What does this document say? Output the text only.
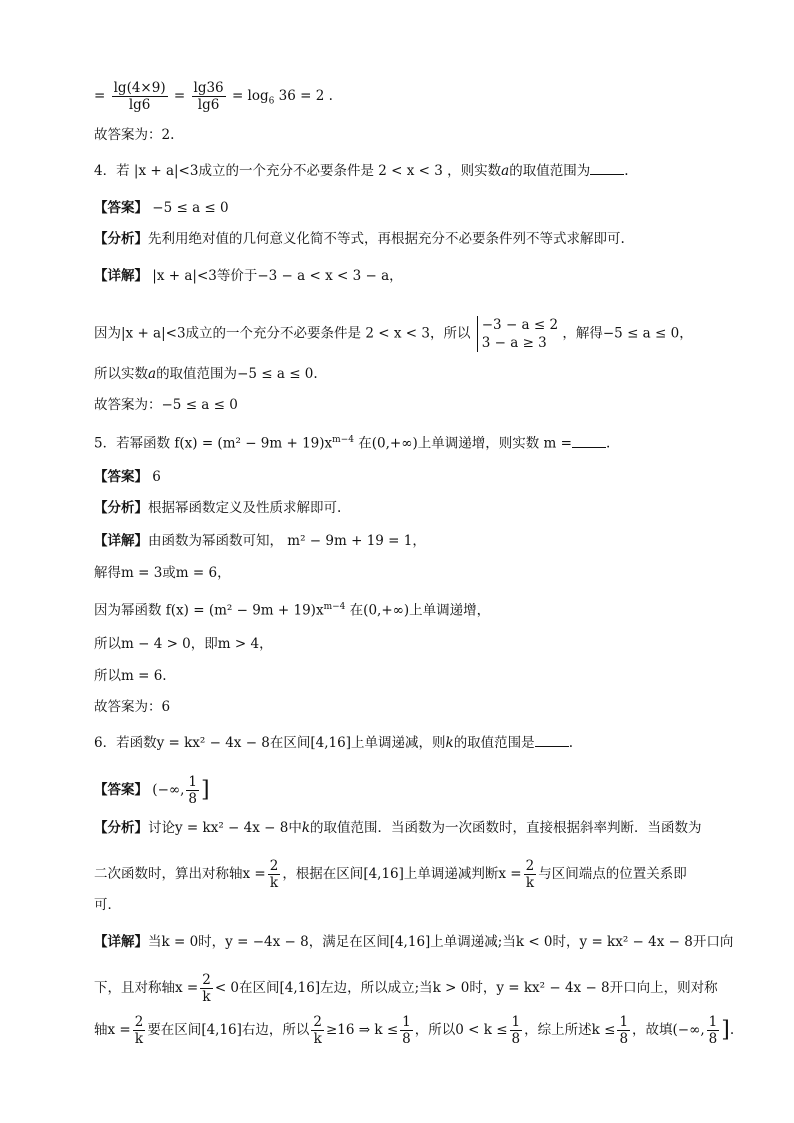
= $\frac{\lg(4\times 9)}{\lg 6} = \frac{\lg 36}{\lg 6} = \log_6 36 = 2$ .
故答案为：2.
4．若 |x + a|<3成立的一个充分不必要条件是 2 < x < 3 ，则实数a的取值范围为	.
【答案】 −5 ≤ a ≤ 0
【分析】先利用绝对值的几何意义化简不等式，再根据充分不必要条件列不等式求解即可.
【详解】 |x + a|<3等价于−3 − a < x < 3 − a，
因为|x + a|<3成立的一个充分不必要条件是 2 < x < 3，所以
−3 − a ≤ 2
3 − a ≥ 3
，解得−5 ≤ a ≤ 0，
所以实数a的取值范围为−5 ≤ a ≤ 0.
故答案为：−5 ≤ a ≤ 0
5．若幂函数 $f(x) = (m^2 - 9m + 19)x^{m-4}$ 在(0,+∞)上单调递增，则实数 m =	.
【答案】 6
【分析】根据幂函数定义及性质求解即可.
【详解】由函数为幂函数可知， m² − 9m + 19 = 1，
解得m = 3或m = 6，
因为幂函数 $f(x) = (m^2 - 9m + 19)x^{m-4}$ 在(0,+∞)上单调递增，
所以m − 4 > 0，即m > 4，
所以m = 6.
故答案为：6
6．若函数y = kx² − 4x − 8在区间[4,16]上单调递减，则k的取值范围是	.
【答案】 (−∞, $\frac{1}{8}$ ]
【分析】讨论y = kx² − 4x − 8中k的取值范围．当函数为一次函数时，直接根据斜率判断．当函数为
二次函数时，算出对称轴$x = \frac{2}{k}$ ，根据在区间[4,16]上单调递减判断$x = \frac{2}{k}$ 与区间端点的位置关系即
可．
【详解】当k = 0时，y = −4x − 8，满足在区间[4,16]上单调递减;当k < 0时，y = kx² − 4x − 8开口向
下，且对称轴$x = \frac{2}{k} < 0$在区间[4,16]左边，所以成立;当k > 0时，y = kx² − 4x − 8开口向上，则对称
轴$x = \frac{2}{k}$ 要在区间[4,16]右边，所以 $\frac{2}{k} \ge 16$ ⇒ $k \le \frac{1}{8}$ ，所以$0 < k \le \frac{1}{8}$ ，综上所述$k \le \frac{1}{8}$ ，故填(−∞, $\frac{1}{8}$ ].
